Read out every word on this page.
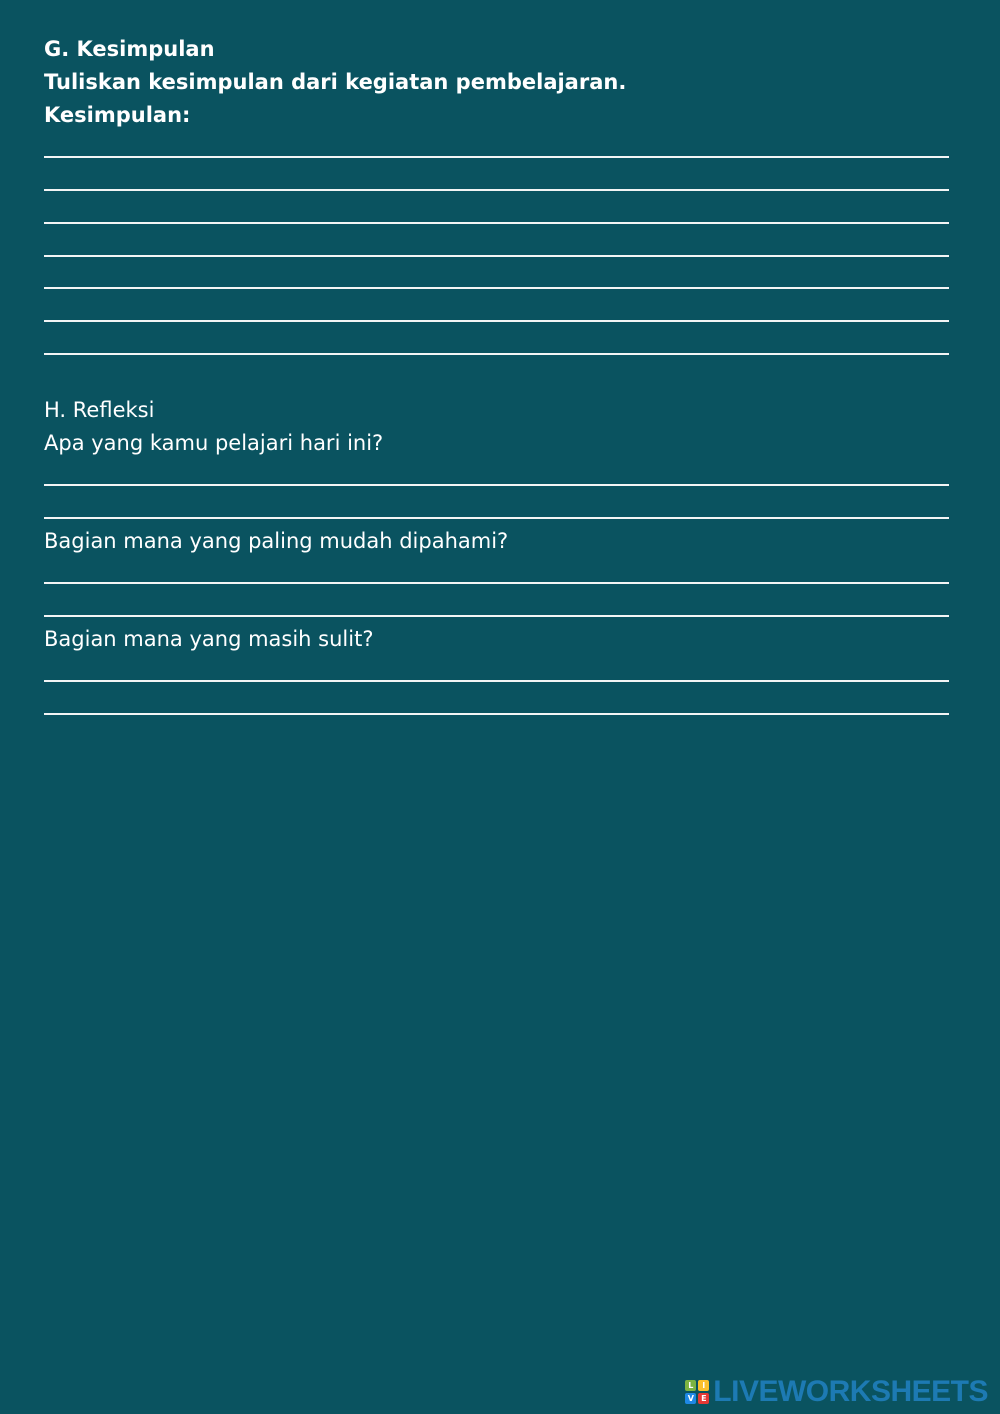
G. Kesimpulan
Tuliskan kesimpulan dari kegiatan pembelajaran.
Kesimpulan:
H. Refleksi
Apa yang kamu pelajari hari ini?
Bagian mana yang paling mudah dipahami?
Bagian mana yang masih sulit?
L	I
V E LIVEWORKSHEETS
